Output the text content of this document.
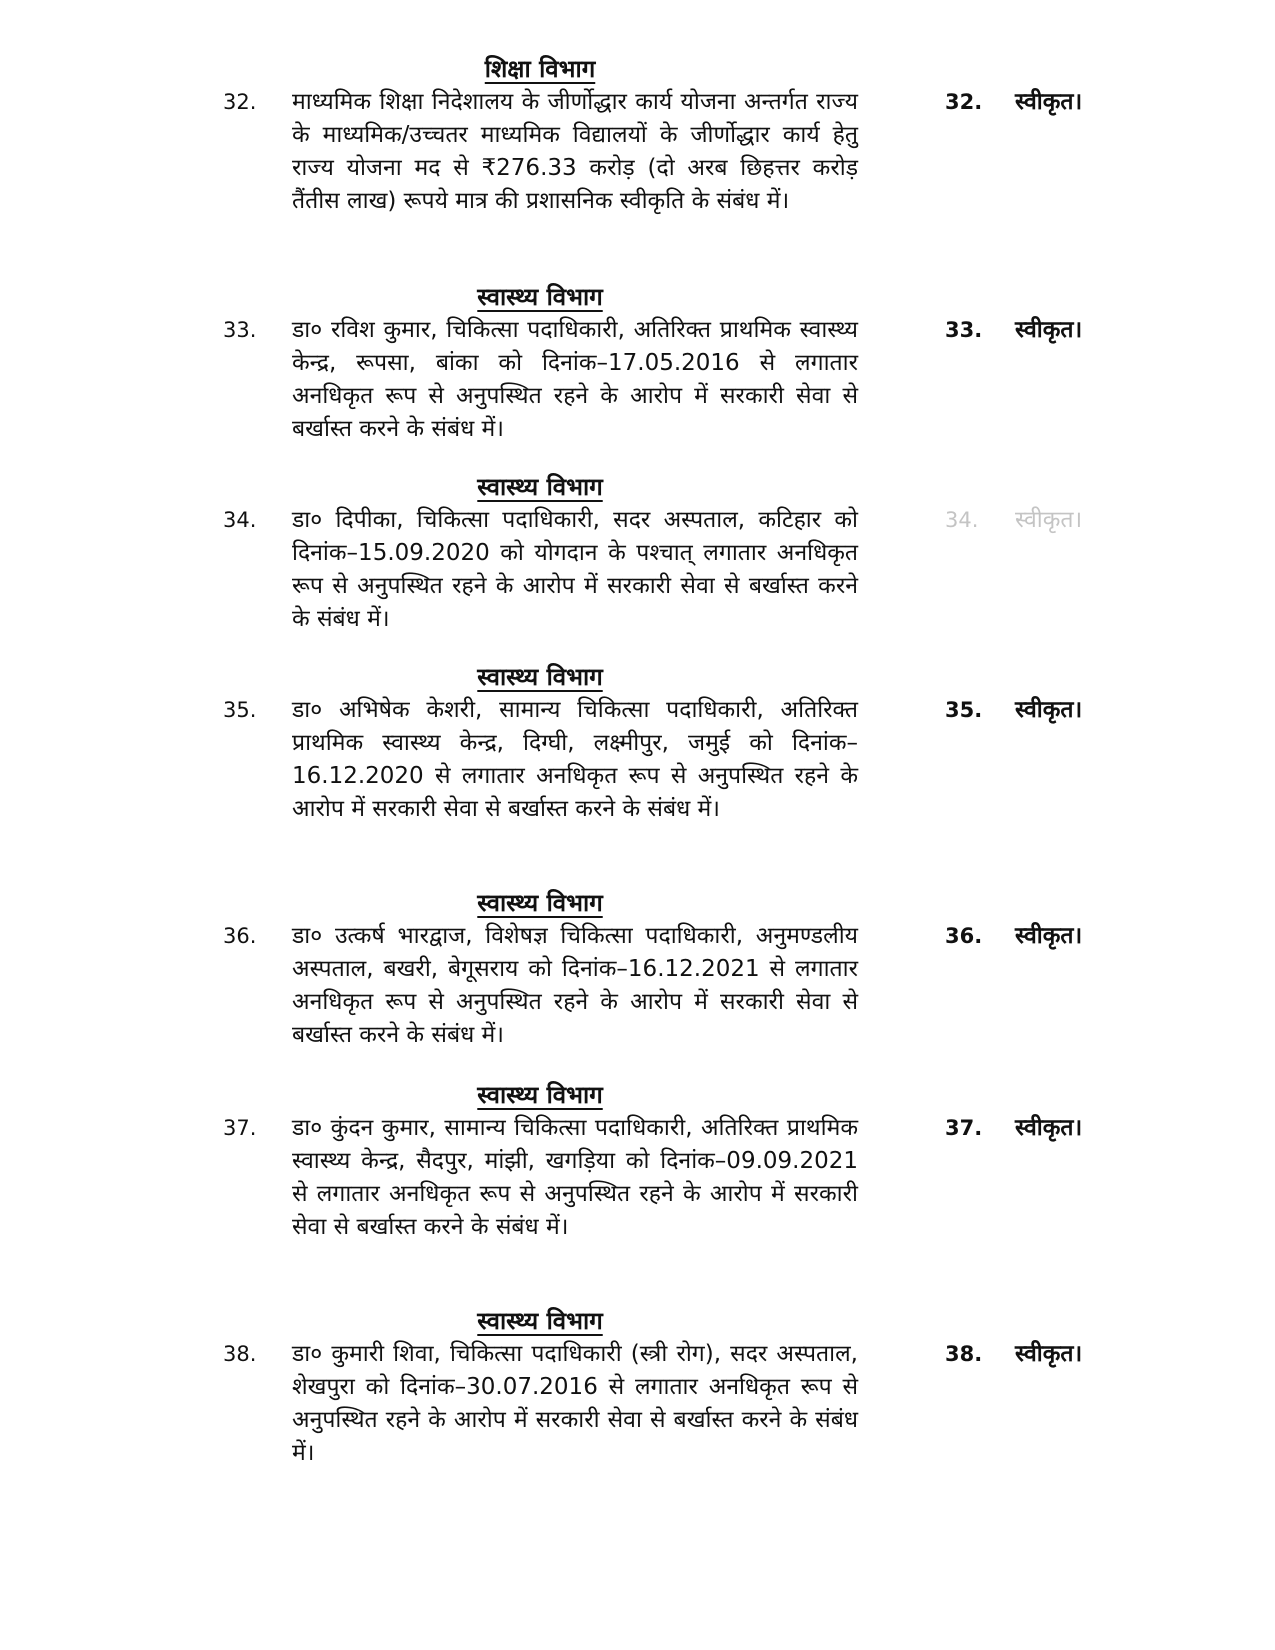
शिक्षा विभाग
32. माध्यमिक शिक्षा निदेशालय के जीर्णोद्धार कार्य योजना अन्तर्गत राज्य के माध्यमिक/उच्चतर माध्यमिक विद्यालयों के जीर्णोद्धार कार्य हेतु राज्य योजना मद से ₹276.33 करोड़ (दो अरब छिहत्तर करोड़ तैंतीस लाख) रूपये मात्र की प्रशासनिक स्वीकृति के संबंध में।
32. स्वीकृत।
स्वास्थ्य विभाग
33. डा० रविश कुमार, चिकित्सा पदाधिकारी, अतिरिक्त प्राथमिक स्वास्थ्य केन्द्र, रूपसा, बांका को दिनांक–17.05.2016 से लगातार अनधिकृत रूप से अनुपस्थित रहने के आरोप में सरकारी सेवा से बर्खास्त करने के संबंध में।
33. स्वीकृत।
स्वास्थ्य विभाग
34. डा० दिपीका, चिकित्सा पदाधिकारी, सदर अस्पताल, कटिहार को दिनांक–15.09.2020 को योगदान के पश्चात् लगातार अनधिकृत रूप से अनुपस्थित रहने के आरोप में सरकारी सेवा से बर्खास्त करने के संबंध में।
34. स्वीकृत।
स्वास्थ्य विभाग
35. डा० अभिषेक केशरी, सामान्य चिकित्सा पदाधिकारी, अतिरिक्त प्राथमिक स्वास्थ्य केन्द्र, दिग्घी, लक्ष्मीपुर, जमुई को दिनांक–16.12.2020 से लगातार अनधिकृत रूप से अनुपस्थित रहने के आरोप में सरकारी सेवा से बर्खास्त करने के संबंध में।
35. स्वीकृत।
स्वास्थ्य विभाग
36. डा० उत्कर्ष भारद्वाज, विशेषज्ञ चिकित्सा पदाधिकारी, अनुमण्डलीय अस्पताल, बखरी, बेगूसराय को दिनांक–16.12.2021 से लगातार अनधिकृत रूप से अनुपस्थित रहने के आरोप में सरकारी सेवा से बर्खास्त करने के संबंध में।
36. स्वीकृत।
स्वास्थ्य विभाग
37. डा० कुंदन कुमार, सामान्य चिकित्सा पदाधिकारी, अतिरिक्त प्राथमिक स्वास्थ्य केन्द्र, सैदपुर, मांझी, खगड़िया को दिनांक–09.09.2021 से लगातार अनधिकृत रूप से अनुपस्थित रहने के आरोप में सरकारी सेवा से बर्खास्त करने के संबंध में।
37. स्वीकृत।
स्वास्थ्य विभाग
38. डा० कुमारी शिवा, चिकित्सा पदाधिकारी (स्त्री रोग), सदर अस्पताल, शेखपुरा को दिनांक–30.07.2016 से लगातार अनधिकृत रूप से अनुपस्थित रहने के आरोप में सरकारी सेवा से बर्खास्त करने के संबंध में।
38. स्वीकृत।
